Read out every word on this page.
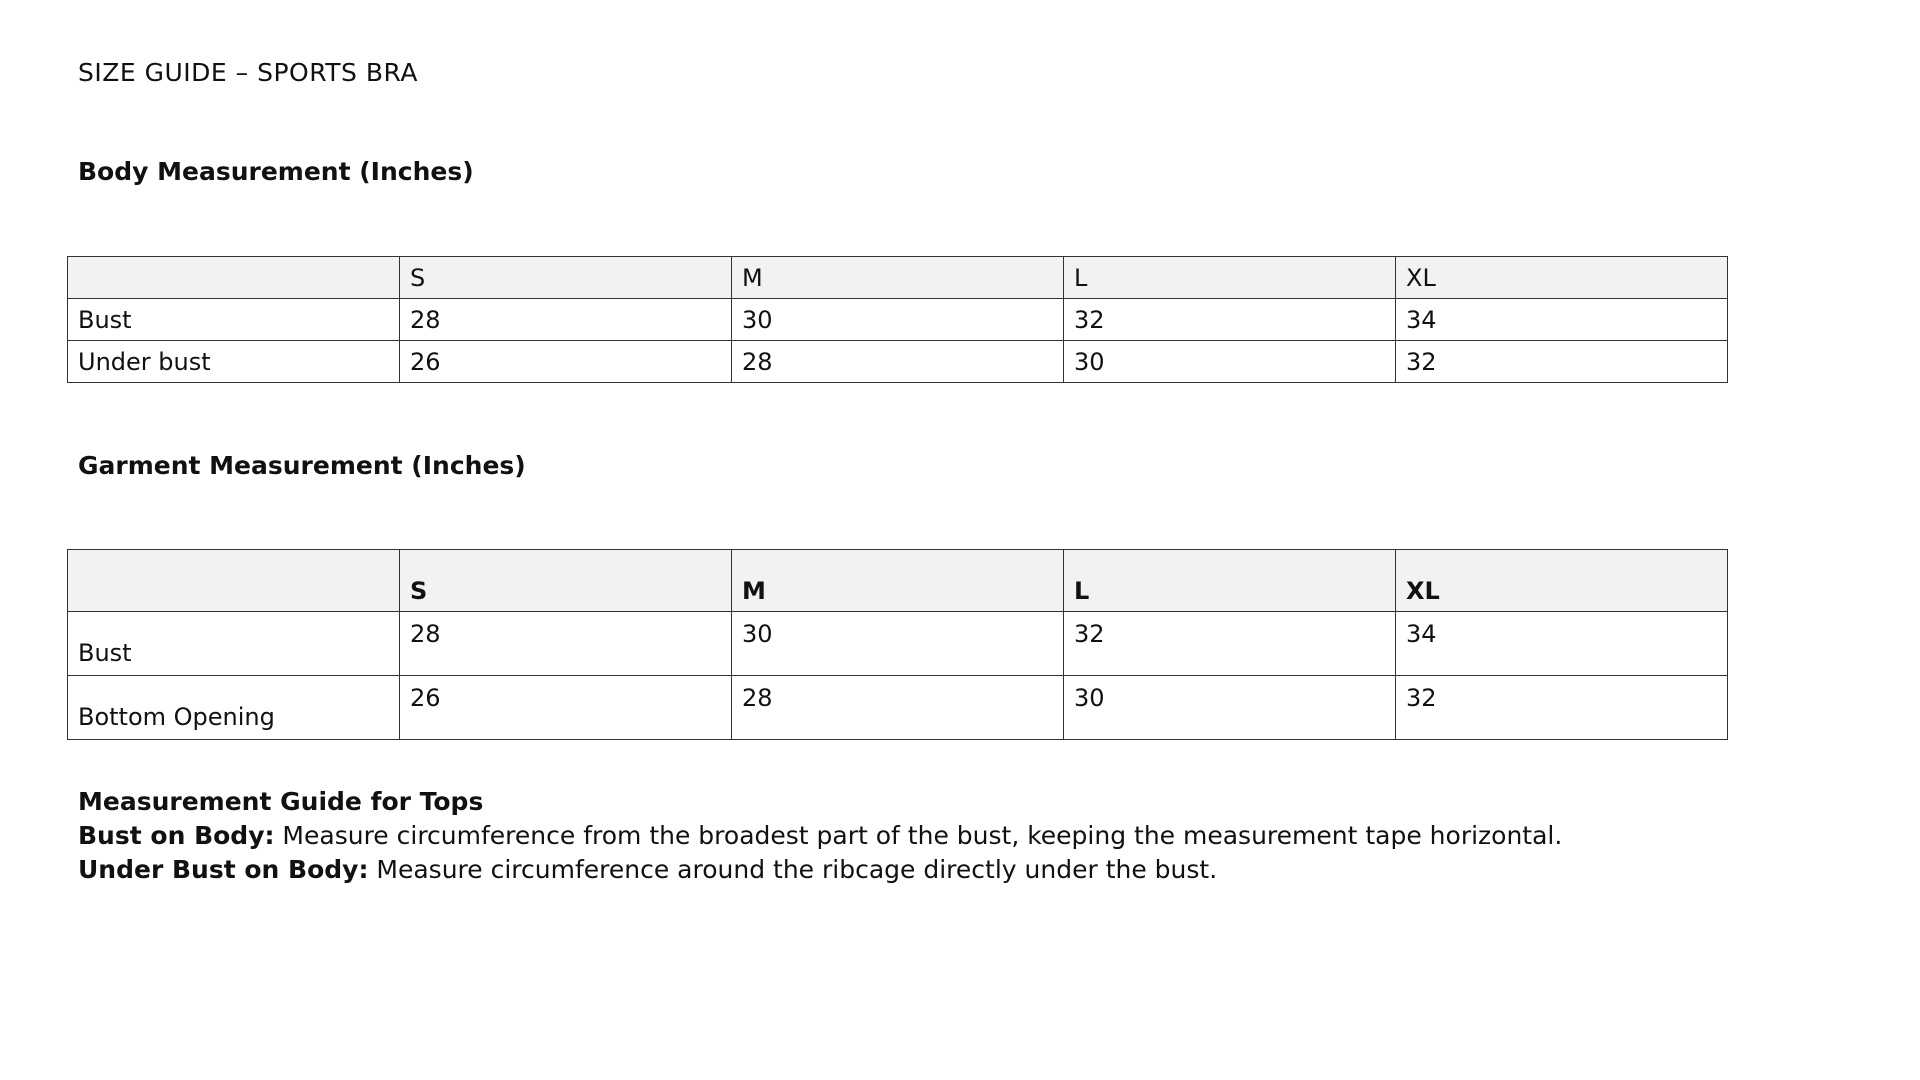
SIZE GUIDE – SPORTS BRA
Body Measurement (Inches)
	S	M	L	XL
Bust	28	30	32	34
Under bust	26	28	30	32
Garment Measurement (Inches)
	S	M	L	XL
Bust	28	30	32	34
Bottom Opening	26	28	30	32
Measurement Guide for Tops
Bust on Body: Measure circumference from the broadest part of the bust, keeping the measurement tape horizontal.
Under Bust on Body: Measure circumference around the ribcage directly under the bust.
